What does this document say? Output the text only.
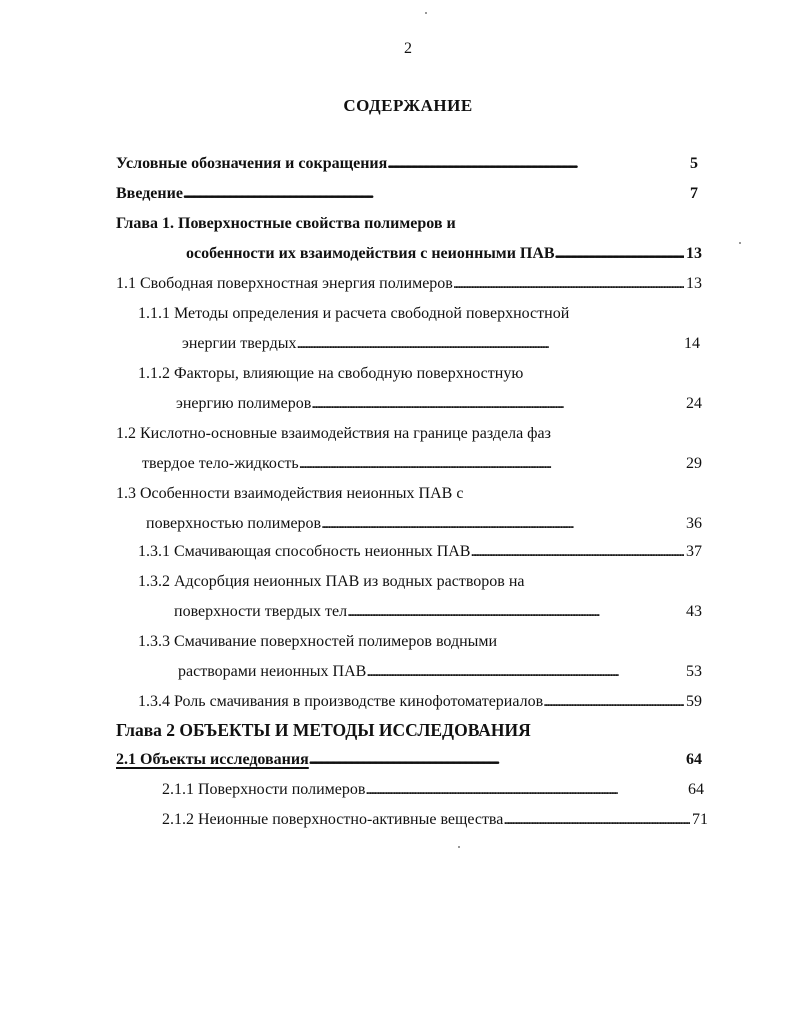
2
СОДЕРЖАНИЕ
Условные обозначения и сокращения . . .	5
Введение . . .	7
Глава 1. Поверхностные свойства полимеров и
особенности их взаимодействия с неионными ПАВ . . .	13
1.1 Свободная поверхностная энергия полимеров . . .	13
1.1.1 Методы определения и расчета свободной поверхностной
энергии твердых . . .	14
1.1.2 Факторы, влияющие на свободную поверхностную
энергию полимеров . . .	24
1.2 Кислотно-основные взаимодействия на границе раздела фаз
твердое тело-жидкость . . .	29
1.3 Особенности взаимодействия неионных ПАВ с
поверхностью полимеров . . .	36
1.3.1 Смачивающая способность неионных ПАВ . . .	37
1.3.2 Адсорбция неионных ПАВ из водных растворов на
поверхности твердых тел . . .	43
1.3.3 Смачивание поверхностей полимеров водными
растворами неионных ПАВ . . .	53
1.3.4 Роль смачивания в производстве кинофотоматериалов . . .	59
Глава 2 ОБЪЕКТЫ И МЕТОДЫ ИССЛЕДОВАНИЯ
2.1 Объекты исследования . . .	64
2.1.1 Поверхности полимеров . . .	64
2.1.2 Неионные поверхностно-активные вещества . . .	71
